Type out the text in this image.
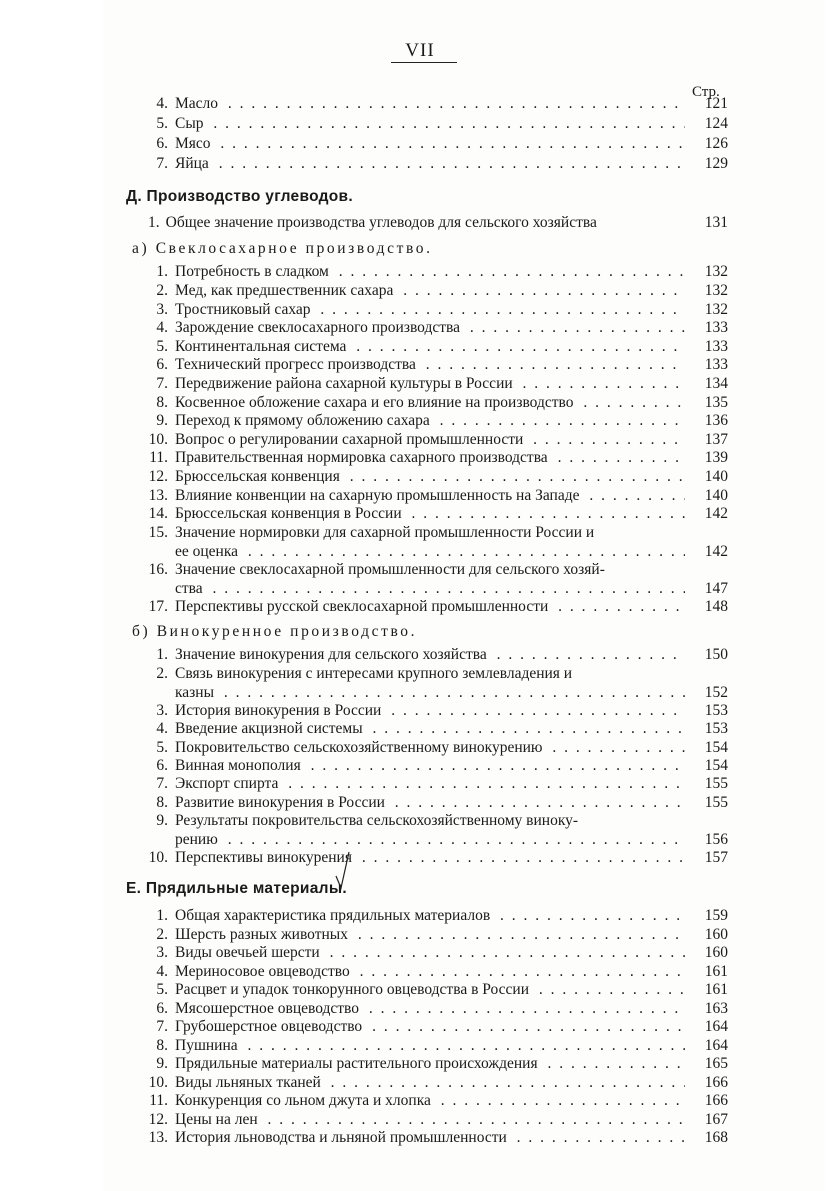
VII
Стр.
4. Масло . . .	121
5. Сыр . . .	124
6. Мясо . . .	126
7. Яйца . . .	129
Д. Производство углеводов.
1. Общее значение производства углеводов для сельского хозяйства	131
а) Свеклосахарное производство.
1. Потребность в сладком . . .	132
2. Мед, как предшественник сахара . . .	132
3. Тростниковый сахар . . .	132
4. Зарождение свеклосахарного производства . . .	133
5. Континентальная система . . .	133
6. Технический прогресс производства . . .	133
7. Передвижение района сахарной культуры в России . . .	134
8. Косвенное обложение сахара и его влияние на производство . . .	135
9. Переход к прямому обложению сахара . . .	136
10. Вопрос о регулировании сахарной промышленности . . .	137
11. Правительственная нормировка сахарного производства . . .	139
12. Брюссельская конвенция . . .	140
13. Влияние конвенции на сахарную промышленность на Западе . . .	140
14. Брюссельская конвенция в России . . .	142
15. Значение нормировки для сахарной промышленности России и
ее оценка . . .	142
16. Значение свеклосахарной промышленности для сельского хозяй-
ства . . .	147
17. Перспективы русской свеклосахарной промышленности . . .	148
б) Винокуренное производство.
1. Значение винокурения для сельского хозяйства . . .	150
2. Связь винокурения с интересами крупного землевладения и
казны . . .	152
3. История винокурения в России . . .	153
4. Введение акцизной системы . . .	153
5. Покровительство сельскохозяйственному винокурению . . .	154
6. Винная монополия . . .	154
7. Экспорт спирта . . .	155
8. Развитие винокурения в России . . .	155
9. Результаты покровительства сельскохозяйственному виноку-
рению . . .	156
10. Перспективы винокурения . . .	157
Е. Прядильные материалы.
1. Общая характеристика прядильных материалов . . .	159
2. Шерсть разных животных . . .	160
3. Виды овечьей шерсти . . .	160
4. Мериносовое овцеводство . . .	161
5. Расцвет и упадок тонкорунного овцеводства в России . . .	161
6. Мясошерстное овцеводство . . .	163
7. Грубошерстное овцеводство . . .	164
8. Пушнина . . .	164
9. Прядильные материалы растительного происхождения . . .	165
10. Виды льняных тканей . . .	166
11. Конкуренция со льном джута и хлопка . . .	166
12. Цены на лен . . .	167
13. История льноводства и льняной промышленности . . .	168
